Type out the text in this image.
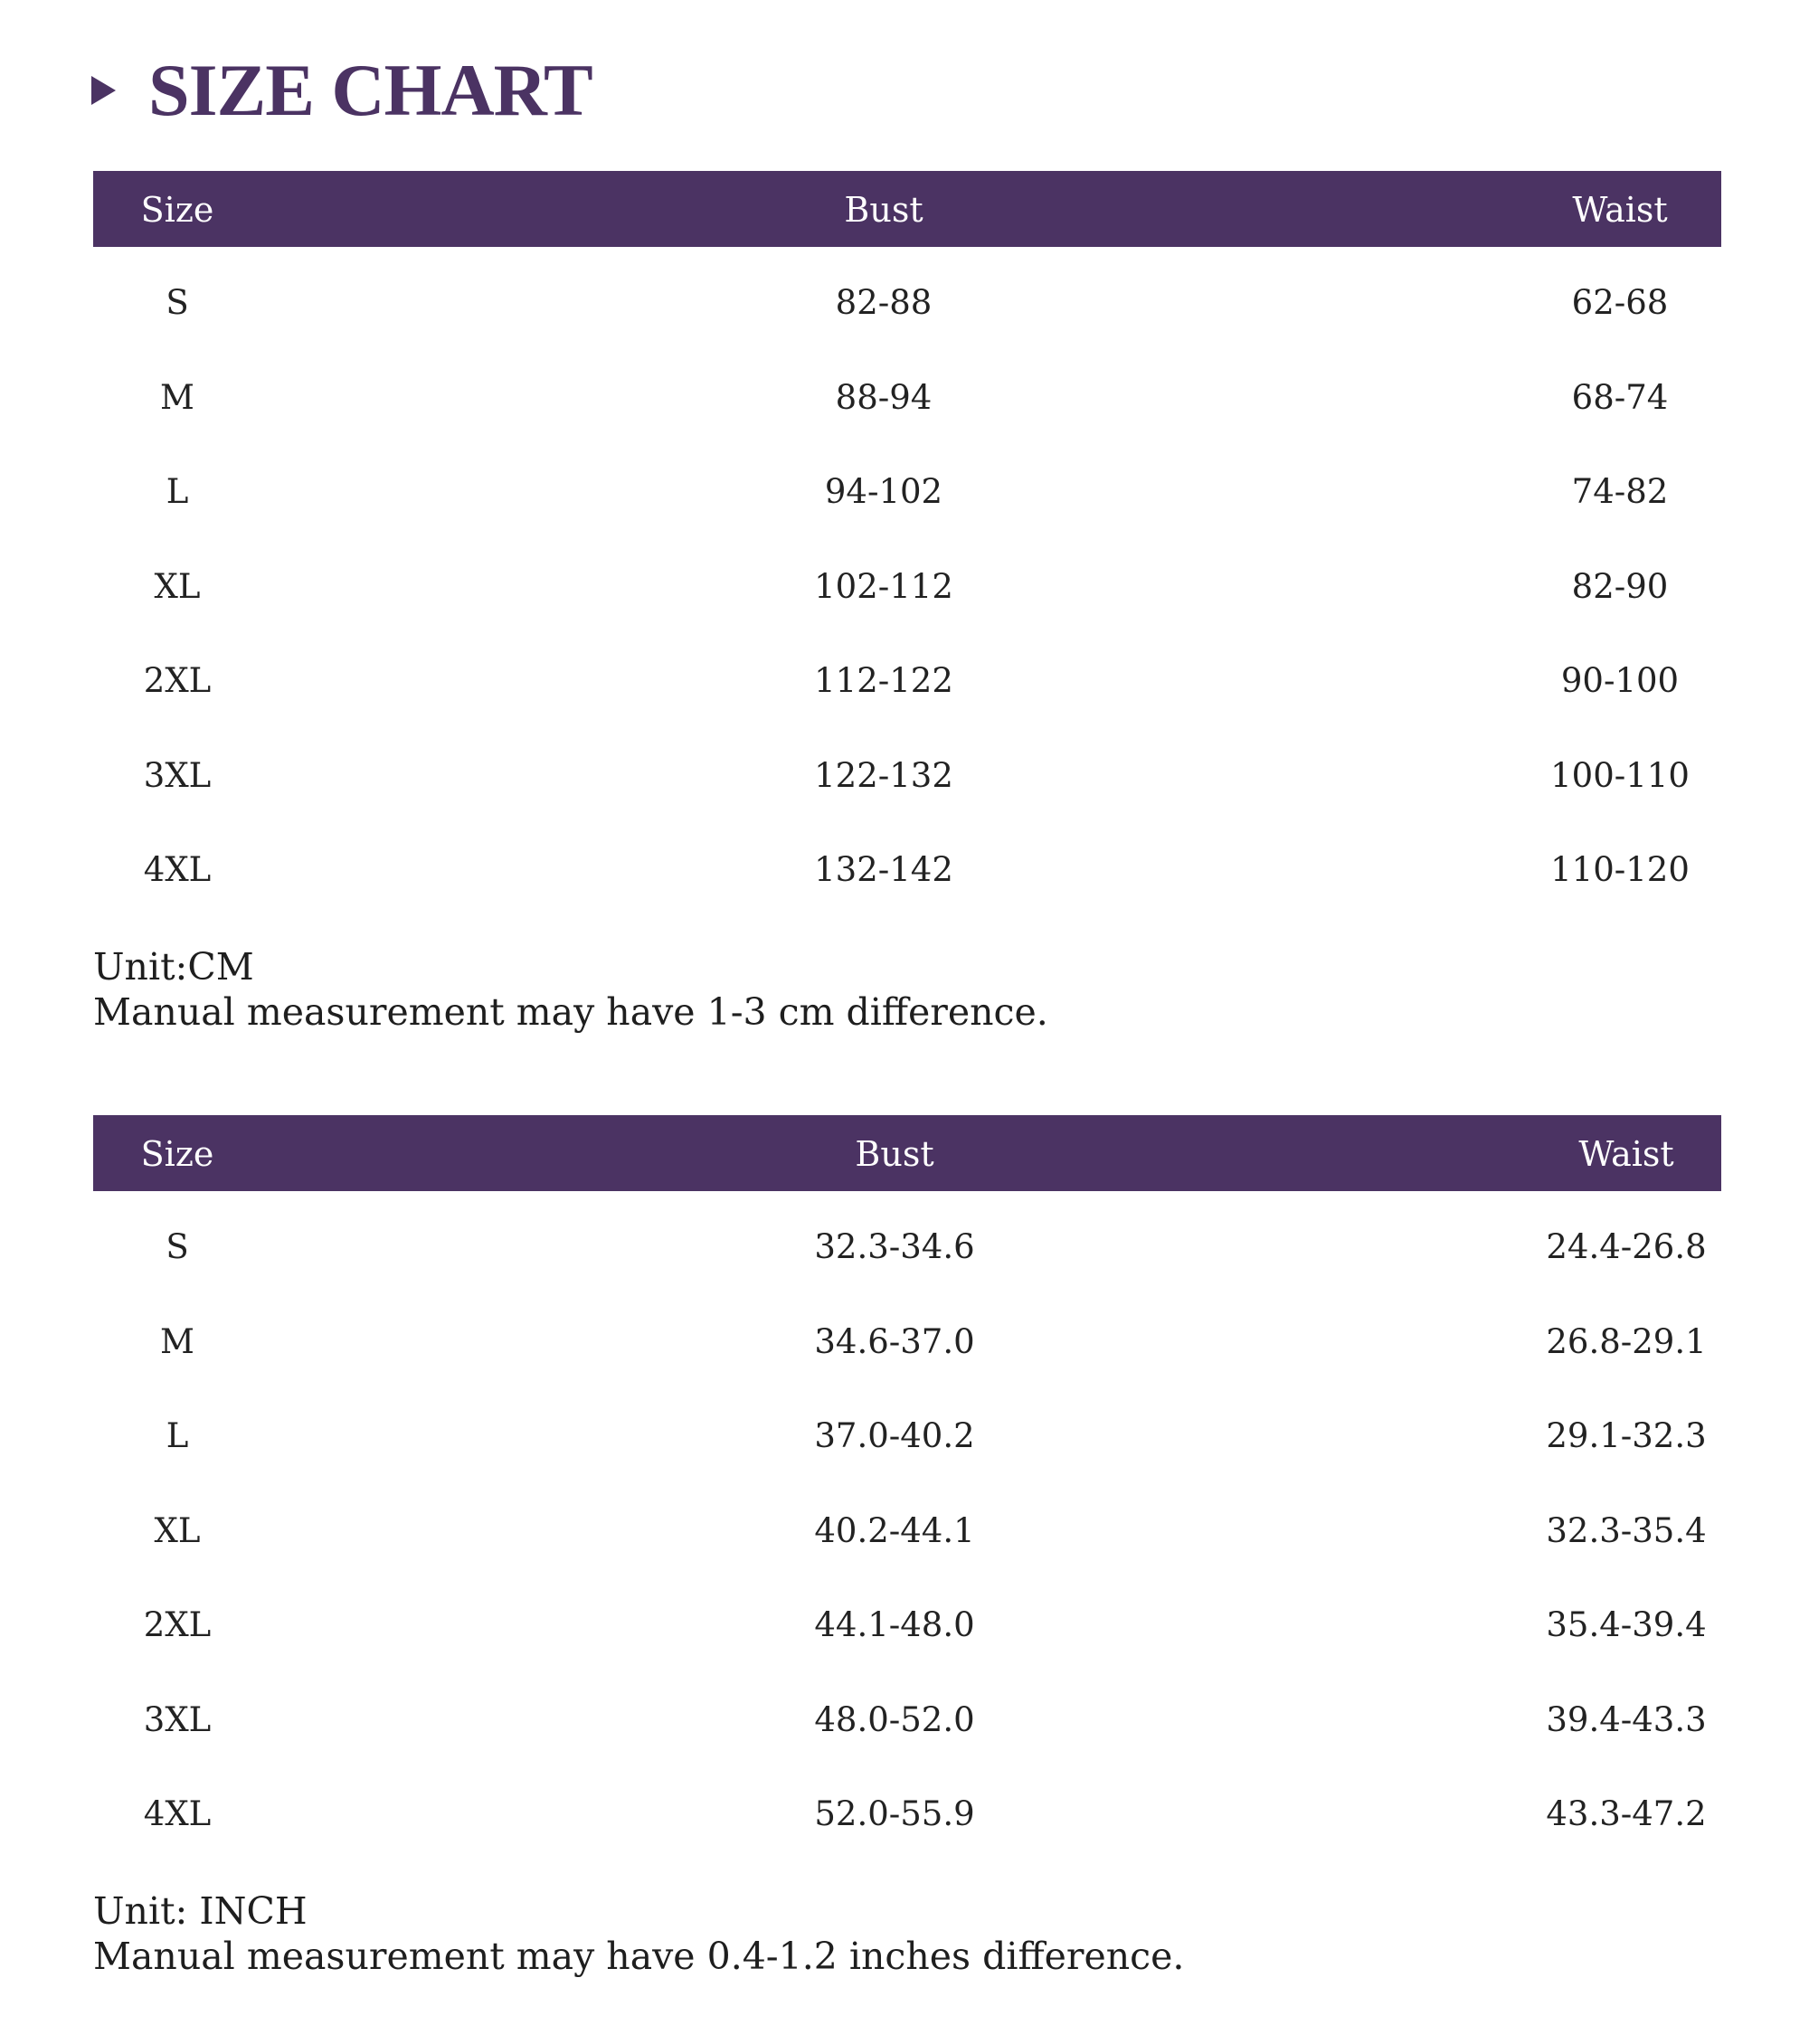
SIZE CHART
Size	Bust	Waist
S	82-88	62-68
M	88-94	68-74
L	94-102	74-82
XL	102-112	82-90
2XL	112-122	90-100
3XL	122-132	100-110
4XL	132-142	110-120
Unit:CM
Manual measurement may have 1-3 cm difference.
Size	Bust	Waist
S	32.3-34.6	24.4-26.8
M	34.6-37.0	26.8-29.1
L	37.0-40.2	29.1-32.3
XL	40.2-44.1	32.3-35.4
2XL	44.1-48.0	35.4-39.4
3XL	48.0-52.0	39.4-43.3
4XL	52.0-55.9	43.3-47.2
Unit: INCH
Manual measurement may have 0.4-1.2 inches difference.
